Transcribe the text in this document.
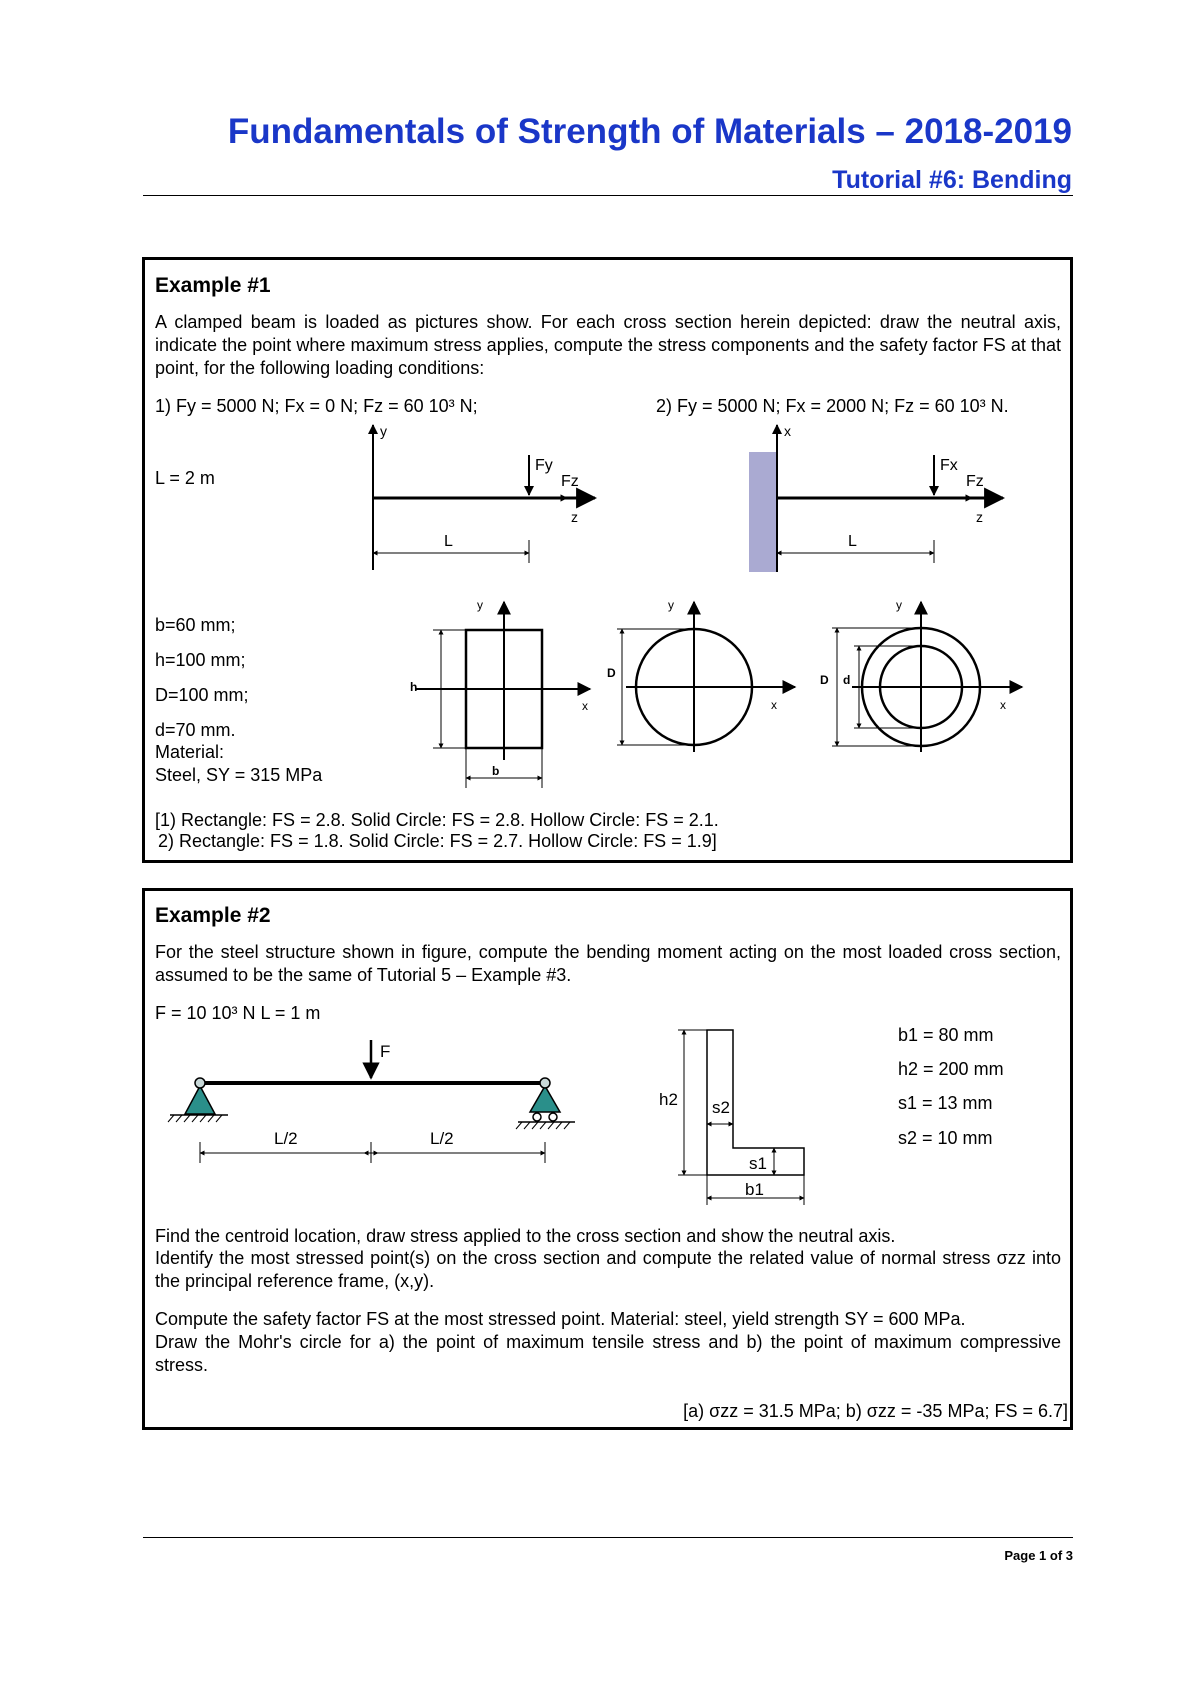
Fundamentals of Strength of Materials – 2018-2019
Tutorial #6: Bending
Example #1
A clamped beam is loaded as pictures show. For each cross section herein depicted: draw the neutral axis, indicate the point where maximum stress applies, compute the stress components and the safety factor FS at that point, for the following loading conditions:
1) Fy = 5000 N; Fx = 0 N; Fz = 60 10³ N;	2) Fy = 5000 N; Fx = 2000 N; Fz = 60 10³ N.
L = 2 m
b=60 mm;
h=100 mm;
D=100 mm;
d=70 mm.
Material:
Steel, SY = 315 MPa
[1) Rectangle: FS = 2.8. Solid Circle: FS = 2.8. Hollow Circle: FS = 2.1.
2) Rectangle: FS = 1.8. Solid Circle: FS = 2.7. Hollow Circle: FS = 1.9]
Example #2
For the steel structure shown in figure, compute the bending moment acting on the most loaded cross section, assumed to be the same of Tutorial 5 – Example #3.
F = 10 10³ N L = 1 m
b1 = 80 mm
h2 = 200 mm
s1 = 13 mm
s2 = 10 mm
Find the centroid location, draw stress applied to the cross section and show the neutral axis.
Identify the most stressed point(s) on the cross section and compute the related value of normal stress σzz into the principal reference frame, (x,y).
Compute the safety factor FS at the most stressed point. Material: steel, yield strength SY = 600 MPa.
Draw the Mohr's circle for a) the point of maximum tensile stress and b) the point of maximum compressive stress.
[a) σzz = 31.5 MPa; b) σzz = -35 MPa; FS = 6.7]
Page 1 of 3
y
z
Fy
Fz
L
x
z
Fx
Fz
L
y
x
h
b
y
x
D
y
x
D d
F
L/2	L/2
h2 s2
s1
b1
